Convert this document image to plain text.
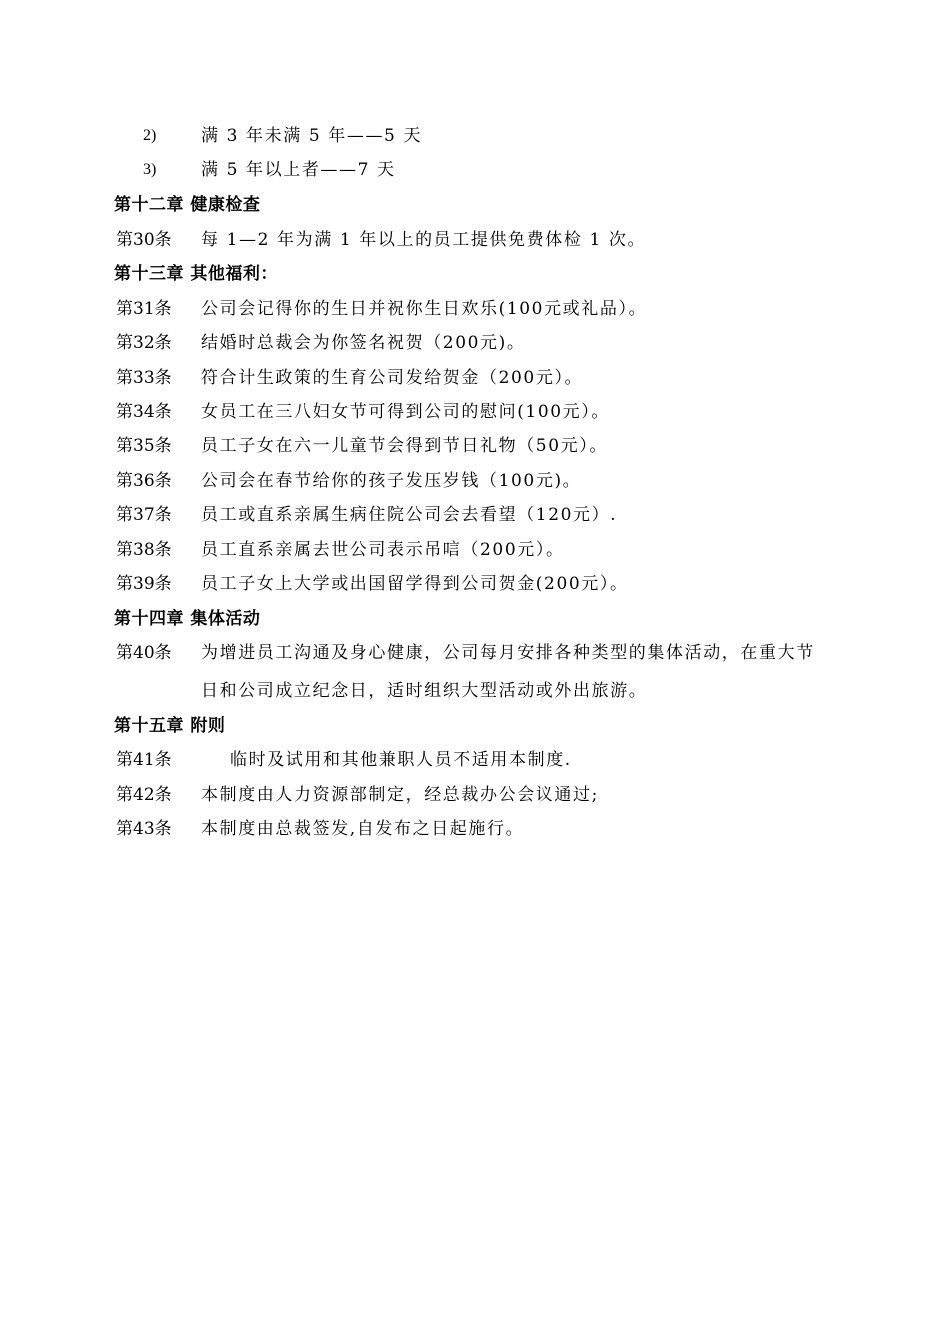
2)	满 3 年未满 5 年——5 天
3)	满 5 年以上者——7 天
第十二章 健康检查
第30条 每 1—2 年为满 1 年以上的员工提供免费体检 1 次。
第十三章 其他福利：
第31条 公司会记得你的生日并祝你生日欢乐(100元或礼品）。
第32条 结婚时总裁会为你签名祝贺（200元)。
第33条 符合计生政策的生育公司发给贺金（200元）。
第34条 女员工在三八妇女节可得到公司的慰问(100元）。
第35条 员工子女在六一儿童节会得到节日礼物（50元）。
第36条 公司会在春节给你的孩子发压岁钱（100元)。
第37条 员工或直系亲属生病住院公司会去看望（120元）.
第38条 员工直系亲属去世公司表示吊唁（200元）。
第39条 员工子女上大学或出国留学得到公司贺金(200元）。
第十四章 集体活动
第40条 为增进员工沟通及身心健康，公司每月安排各种类型的集体活动，在重大节
日和公司成立纪念日，适时组织大型活动或外出旅游。
第十五章 附则
第41条	临时及试用和其他兼职人员不适用本制度.
第42条 本制度由人力资源部制定，经总裁办公会议通过;
第43条 本制度由总裁签发,自发布之日起施行。
